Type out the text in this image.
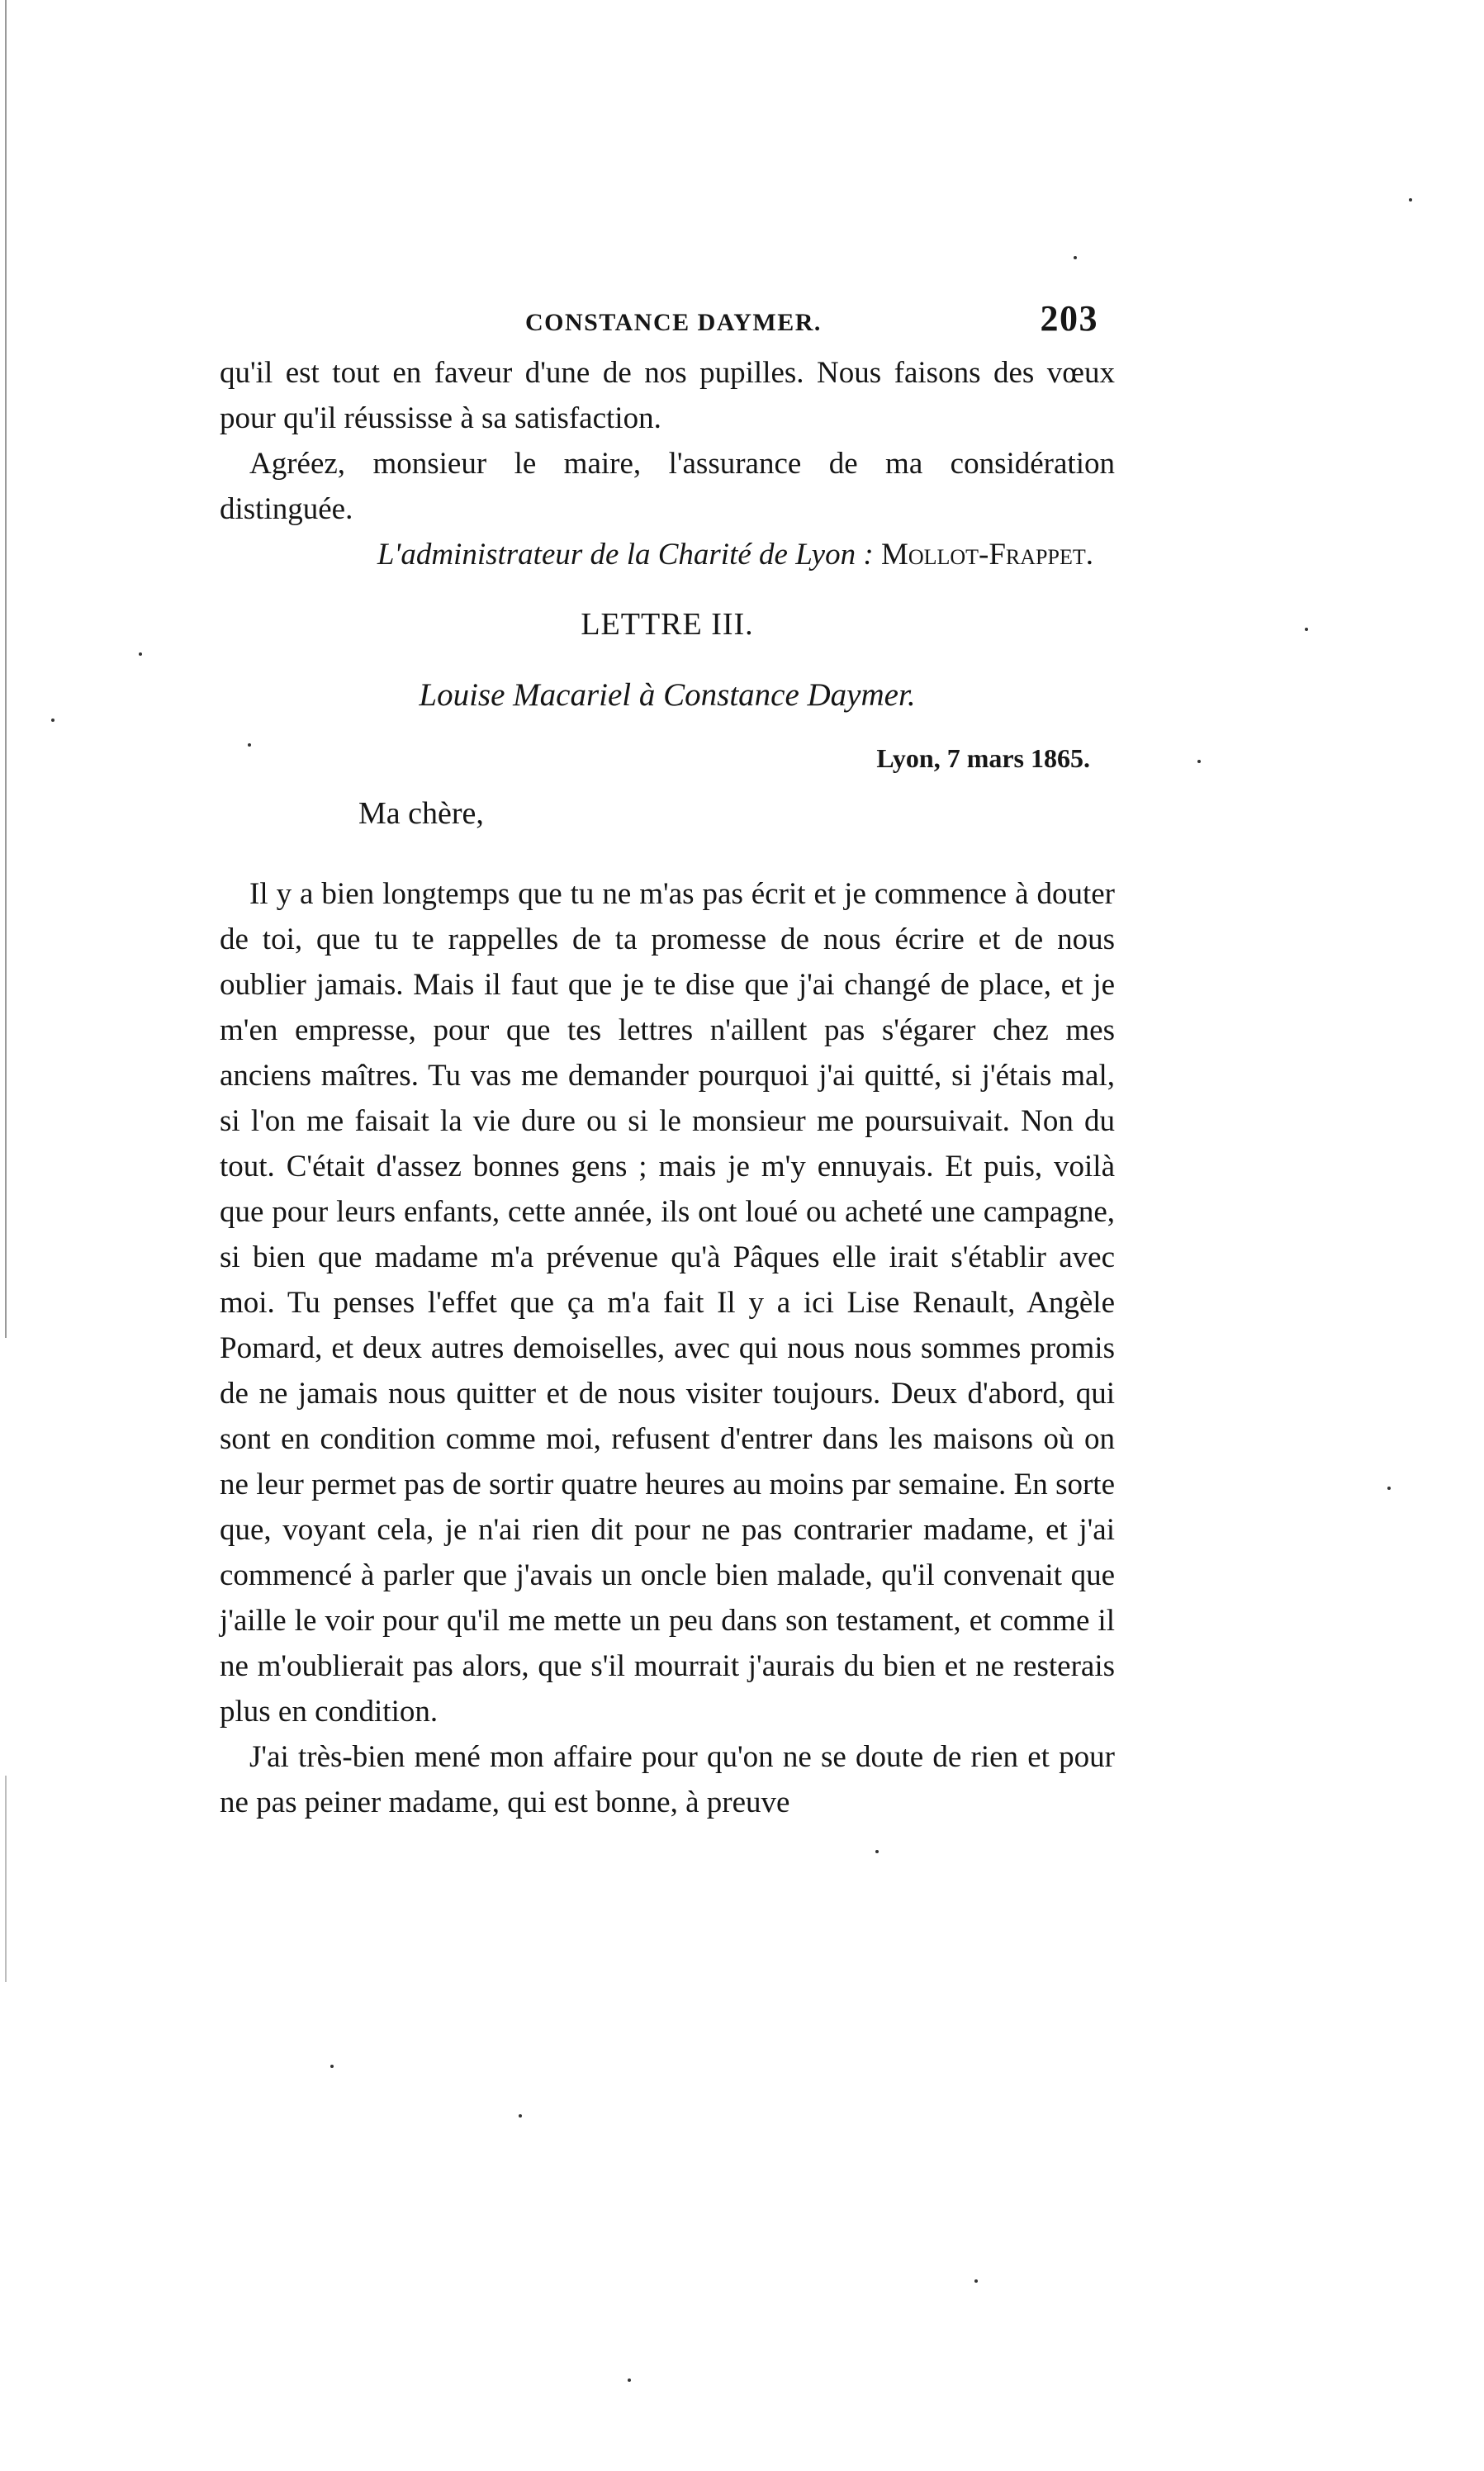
CONSTANCE DAYMER.	203

qu'il est tout en faveur d'une de nos pupilles. Nous faisons des vœux pour qu'il réussisse à sa satisfaction.

Agréez, monsieur le maire, l'assurance de ma considération distinguée.

L'administrateur de la Charité de Lyon : Mollot-Frappet.
LETTRE III.
Louise Macariel à Constance Daymer.
Lyon, 7 mars 1865.
Ma chère,

Il y a bien longtemps que tu ne m'as pas écrit et je commence à douter de toi, que tu te rappelles de ta promesse de nous écrire et de nous oublier jamais. Mais il faut que je te dise que j'ai changé de place, et je m'en empresse, pour que tes lettres n'aillent pas s'égarer chez mes anciens maîtres. Tu vas me demander pourquoi j'ai quitté, si j'étais mal, si l'on me faisait la vie dure ou si le monsieur me poursuivait. Non du tout. C'était d'assez bonnes gens ; mais je m'y ennuyais. Et puis, voilà que pour leurs enfants, cette année, ils ont loué ou acheté une campagne, si bien que madame m'a prévenue qu'à Pâques elle irait s'établir avec moi. Tu penses l'effet que ça m'a fait Il y a ici Lise Renault, Angèle Pomard, et deux autres demoiselles, avec qui nous nous sommes promis de ne jamais nous quitter et de nous visiter toujours. Deux d'abord, qui sont en condition comme moi, refusent d'entrer dans les maisons où on ne leur permet pas de sortir quatre heures au moins par semaine. En sorte que, voyant cela, je n'ai rien dit pour ne pas contrarier madame, et j'ai commencé à parler que j'avais un oncle bien malade, qu'il convenait que j'aille le voir pour qu'il me mette un peu dans son testament, et comme il ne m'oublierait pas alors, que s'il mourrait j'aurais du bien et ne resterais plus en condition.

J'ai très-bien mené mon affaire pour qu'on ne se doute de rien et pour ne pas peiner madame, qui est bonne, à preuve
